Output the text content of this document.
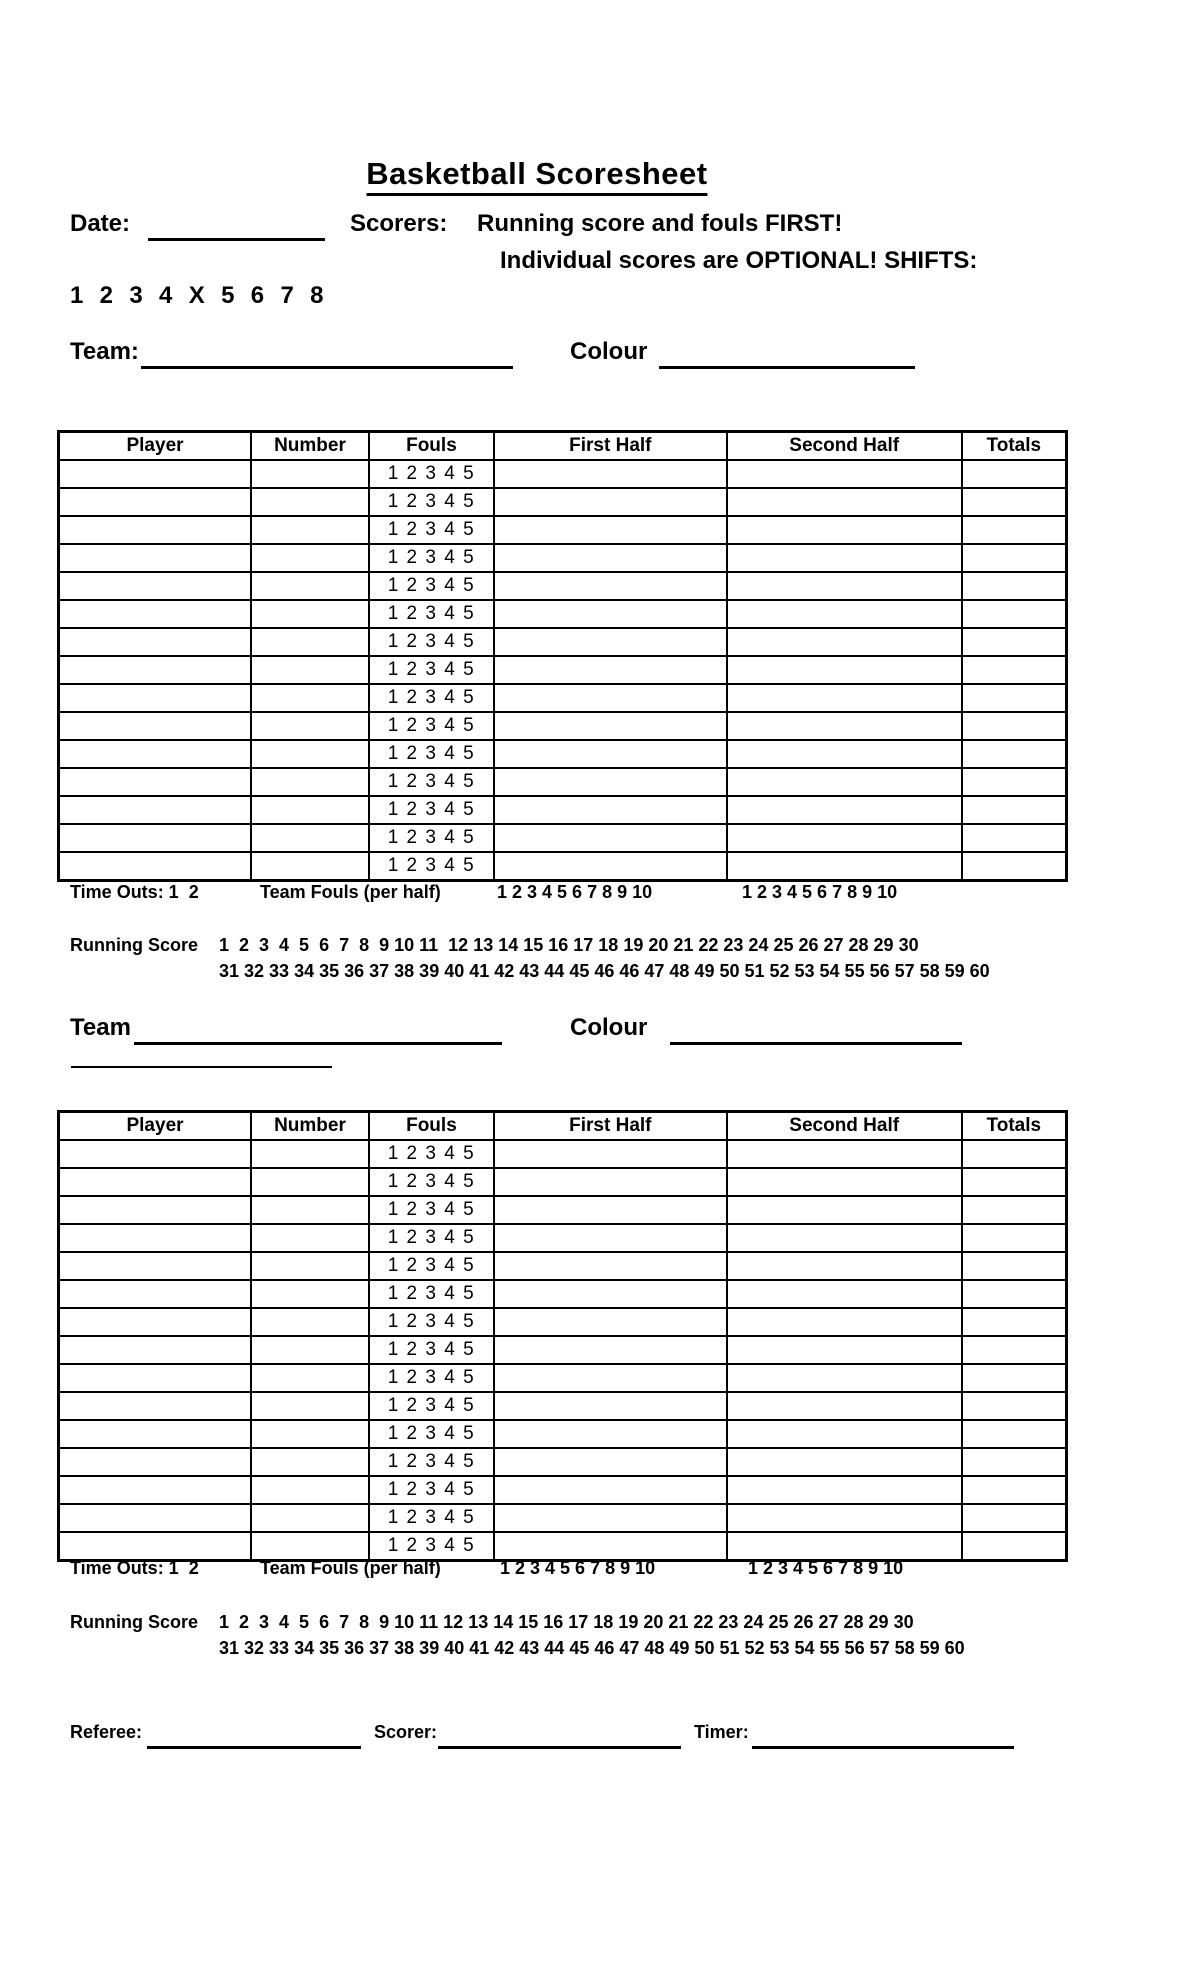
Basketball Scoresheet

Date:	Scorers: Running score and fouls FIRST!
Individual scores are OPTIONAL! SHIFTS:
1  2  3  4  X  5  6  7  8
Team:	Colour

Player	Number	Fouls	First Half	Second Half	Totals
		1 2 3 4 5			
		1 2 3 4 5			
		1 2 3 4 5			
		1 2 3 4 5			
		1 2 3 4 5			
		1 2 3 4 5			
		1 2 3 4 5			
		1 2 3 4 5			
		1 2 3 4 5			
		1 2 3 4 5			
		1 2 3 4 5			
		1 2 3 4 5			
		1 2 3 4 5			
		1 2 3 4 5			
		1 2 3 4 5			

Time Outs: 1  2	Team Fouls (per half)	1 2 3 4 5 6 7 8 9 10	1 2 3 4 5 6 7 8 9 10
Running Score 1  2  3  4  5  6  7  8  9 10 11  12 13 14 15 16 17 18 19 20 21 22 23 24 25 26 27 28 29 30
31 32 33 34 35 36 37 38 39 40 41 42 43 44 45 46 46 47 48 49 50 51 52 53 54 55 56 57 58 59 60
Team	Colour

Player	Number	Fouls	First Half	Second Half	Totals
		1 2 3 4 5			
		1 2 3 4 5			
		1 2 3 4 5			
		1 2 3 4 5			
		1 2 3 4 5			
		1 2 3 4 5			
		1 2 3 4 5			
		1 2 3 4 5			
		1 2 3 4 5			
		1 2 3 4 5			
		1 2 3 4 5			
		1 2 3 4 5			
		1 2 3 4 5			
		1 2 3 4 5			
		1 2 3 4 5			

Time Outs: 1  2	Team Fouls (per half)	1 2 3 4 5 6 7 8 9 10	1 2 3 4 5 6 7 8 9 10
Running Score 1  2  3  4  5  6  7  8  9 10 11 12 13 14 15 16 17 18 19 20 21 22 23 24 25 26 27 28 29 30
31 32 33 34 35 36 37 38 39 40 41 42 43 44 45 46 47 48 49 50 51 52 53 54 55 56 57 58 59 60
Referee:	Scorer:	Timer:
